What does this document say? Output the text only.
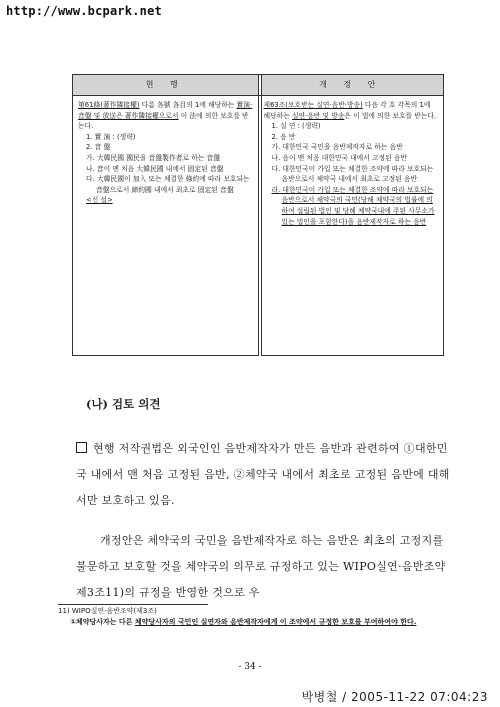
http://www.bcpark.net
현 행	개 정 안

第61條(著作隣接權) 다름 各號 各目의 1에 해당하는 實演·音盤 및 放送은 著作隣接權으로서 이 法에 의한 보호를 받는다.

1. 實 演 : (생략)

2. 音 盤

가. 大韓民國 國民을 音盤製作者로 하는 音盤

나. 音이 맨 처음 大韓民國 내에서 固定된 音盤

다. 大韓民國이 加入 또는 체결한 條約에 따라 보호되는 音盤으로서 締約國 내에서 최초로 固定된 音盤

<신 설>

제63조(보호받는 실연·음반·방송) 다음 각 호 각목의 1에 해당하는 실연·음반 및 방송은 이 법에 의한 보호를 받는다.

1. 실 연 : (생략)

2. 음 반

가. 대한민국 국민을 음반제작자로 하는 음반

나. 음이 맨 처음 대한민국 내에서 고정된 음반

다. 대한민국이 가입 또는 체결한 조약에 따라 보호되는 음반으로서 체약국 내에서 최초로 고정된 음반

라. 대한민국이 가입 또는 체결한 조약에 따라 보호되는 음반으로서 체약국의 국민(당해 체약국의 법률에 의하여 설립된 법인 및 당해 체약국내에 주된 사무소가 있는 법인을 포함한다)을 음반제작자로 하는 음반

(나) 검토 의견
현행 저작권법은 외국인인 음반제작자가 만든 음반과 관련하여 ①대한민국 내에서 맨 처음 고정된 음반, ②체약국 내에서 최초로 고정된 음반에 대해서만 보호하고 있음.
개정안은 체약국의 국민을 음반제작자로 하는 음반은 최초의 고정지를 불문하고 보호할 것을 체약국의 의무로 규정하고 있는 WIPO실연·음반조약 제3조11)의 규정을 반영한 것으로 우
11) WIPO실연·음반조약(제3조)
①체약당사자는 다른 체약당사자의 국민인 실연자와 음반제작자에게 이 조약에서 규정한 보호를 부여하여야 한다.
- 34 -
박병철 / 2005-11-22 07:04:23
